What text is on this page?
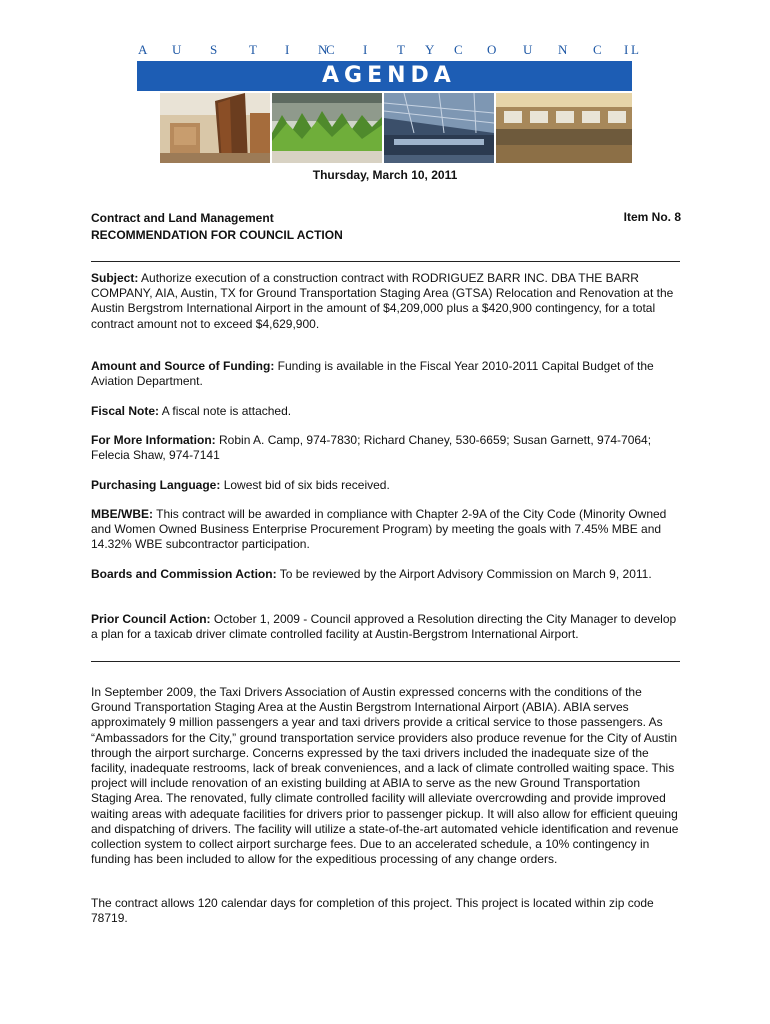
A U S T I N
C I T Y C O U N C I L
AGENDA
Thursday, March 10, 2011
Contract and Land Management
RECOMMENDATION FOR COUNCIL ACTION
Item No. 8

Subject: Authorize execution of a construction contract with RODRIGUEZ BARR INC. DBA THE BARR COMPANY, AIA, Austin, TX for Ground Transportation Staging Area (GTSA) Relocation and Renovation at the Austin Bergstrom International Airport in the amount of $4,209,000 plus a $420,900 contingency, for a total contract amount not to exceed $4,629,900.

Amount and Source of Funding: Funding is available in the Fiscal Year 2010-2011 Capital Budget of the Aviation Department.

Fiscal Note: A fiscal note is attached.

For More Information: Robin A. Camp, 974-7830; Richard Chaney, 530-6659; Susan Garnett, 974-7064; Felecia Shaw, 974-7141

Purchasing Language: Lowest bid of six bids received.

MBE/WBE: This contract will be awarded in compliance with Chapter 2-9A of the City Code (Minority Owned and Women Owned Business Enterprise Procurement Program) by meeting the goals with 7.45% MBE and 14.32% WBE subcontractor participation.

Boards and Commission Action: To be reviewed by the Airport Advisory Commission on March 9, 2011.

Prior Council Action: October 1, 2009 - Council approved a Resolution directing the City Manager to develop a plan for a taxicab driver climate controlled facility at Austin-Bergstrom International Airport.

In September 2009, the Taxi Drivers Association of Austin expressed concerns with the conditions of the Ground Transportation Staging Area at the Austin Bergstrom International Airport (ABIA). ABIA serves approximately 9 million passengers a year and taxi drivers provide a critical service to those passengers. As “Ambassadors for the City,” ground transportation service providers also produce revenue for the City of Austin through the airport surcharge. Concerns expressed by the taxi drivers included the inadequate size of the facility, inadequate restrooms, lack of break conveniences, and a lack of climate controlled waiting space. This project will include renovation of an existing building at ABIA to serve as the new Ground Transportation Staging Area. The renovated, fully climate controlled facility will alleviate overcrowding and provide improved waiting areas with adequate facilities for drivers prior to passenger pickup. It will also allow for efficient queuing and dispatching of drivers. The facility will utilize a state-of-the-art automated vehicle identification and revenue collection system to collect airport surcharge fees. Due to an accelerated schedule, a 10% contingency in funding has been included to allow for the expeditious processing of any change orders.

The contract allows 120 calendar days for completion of this project. This project is located within zip code 78719.
